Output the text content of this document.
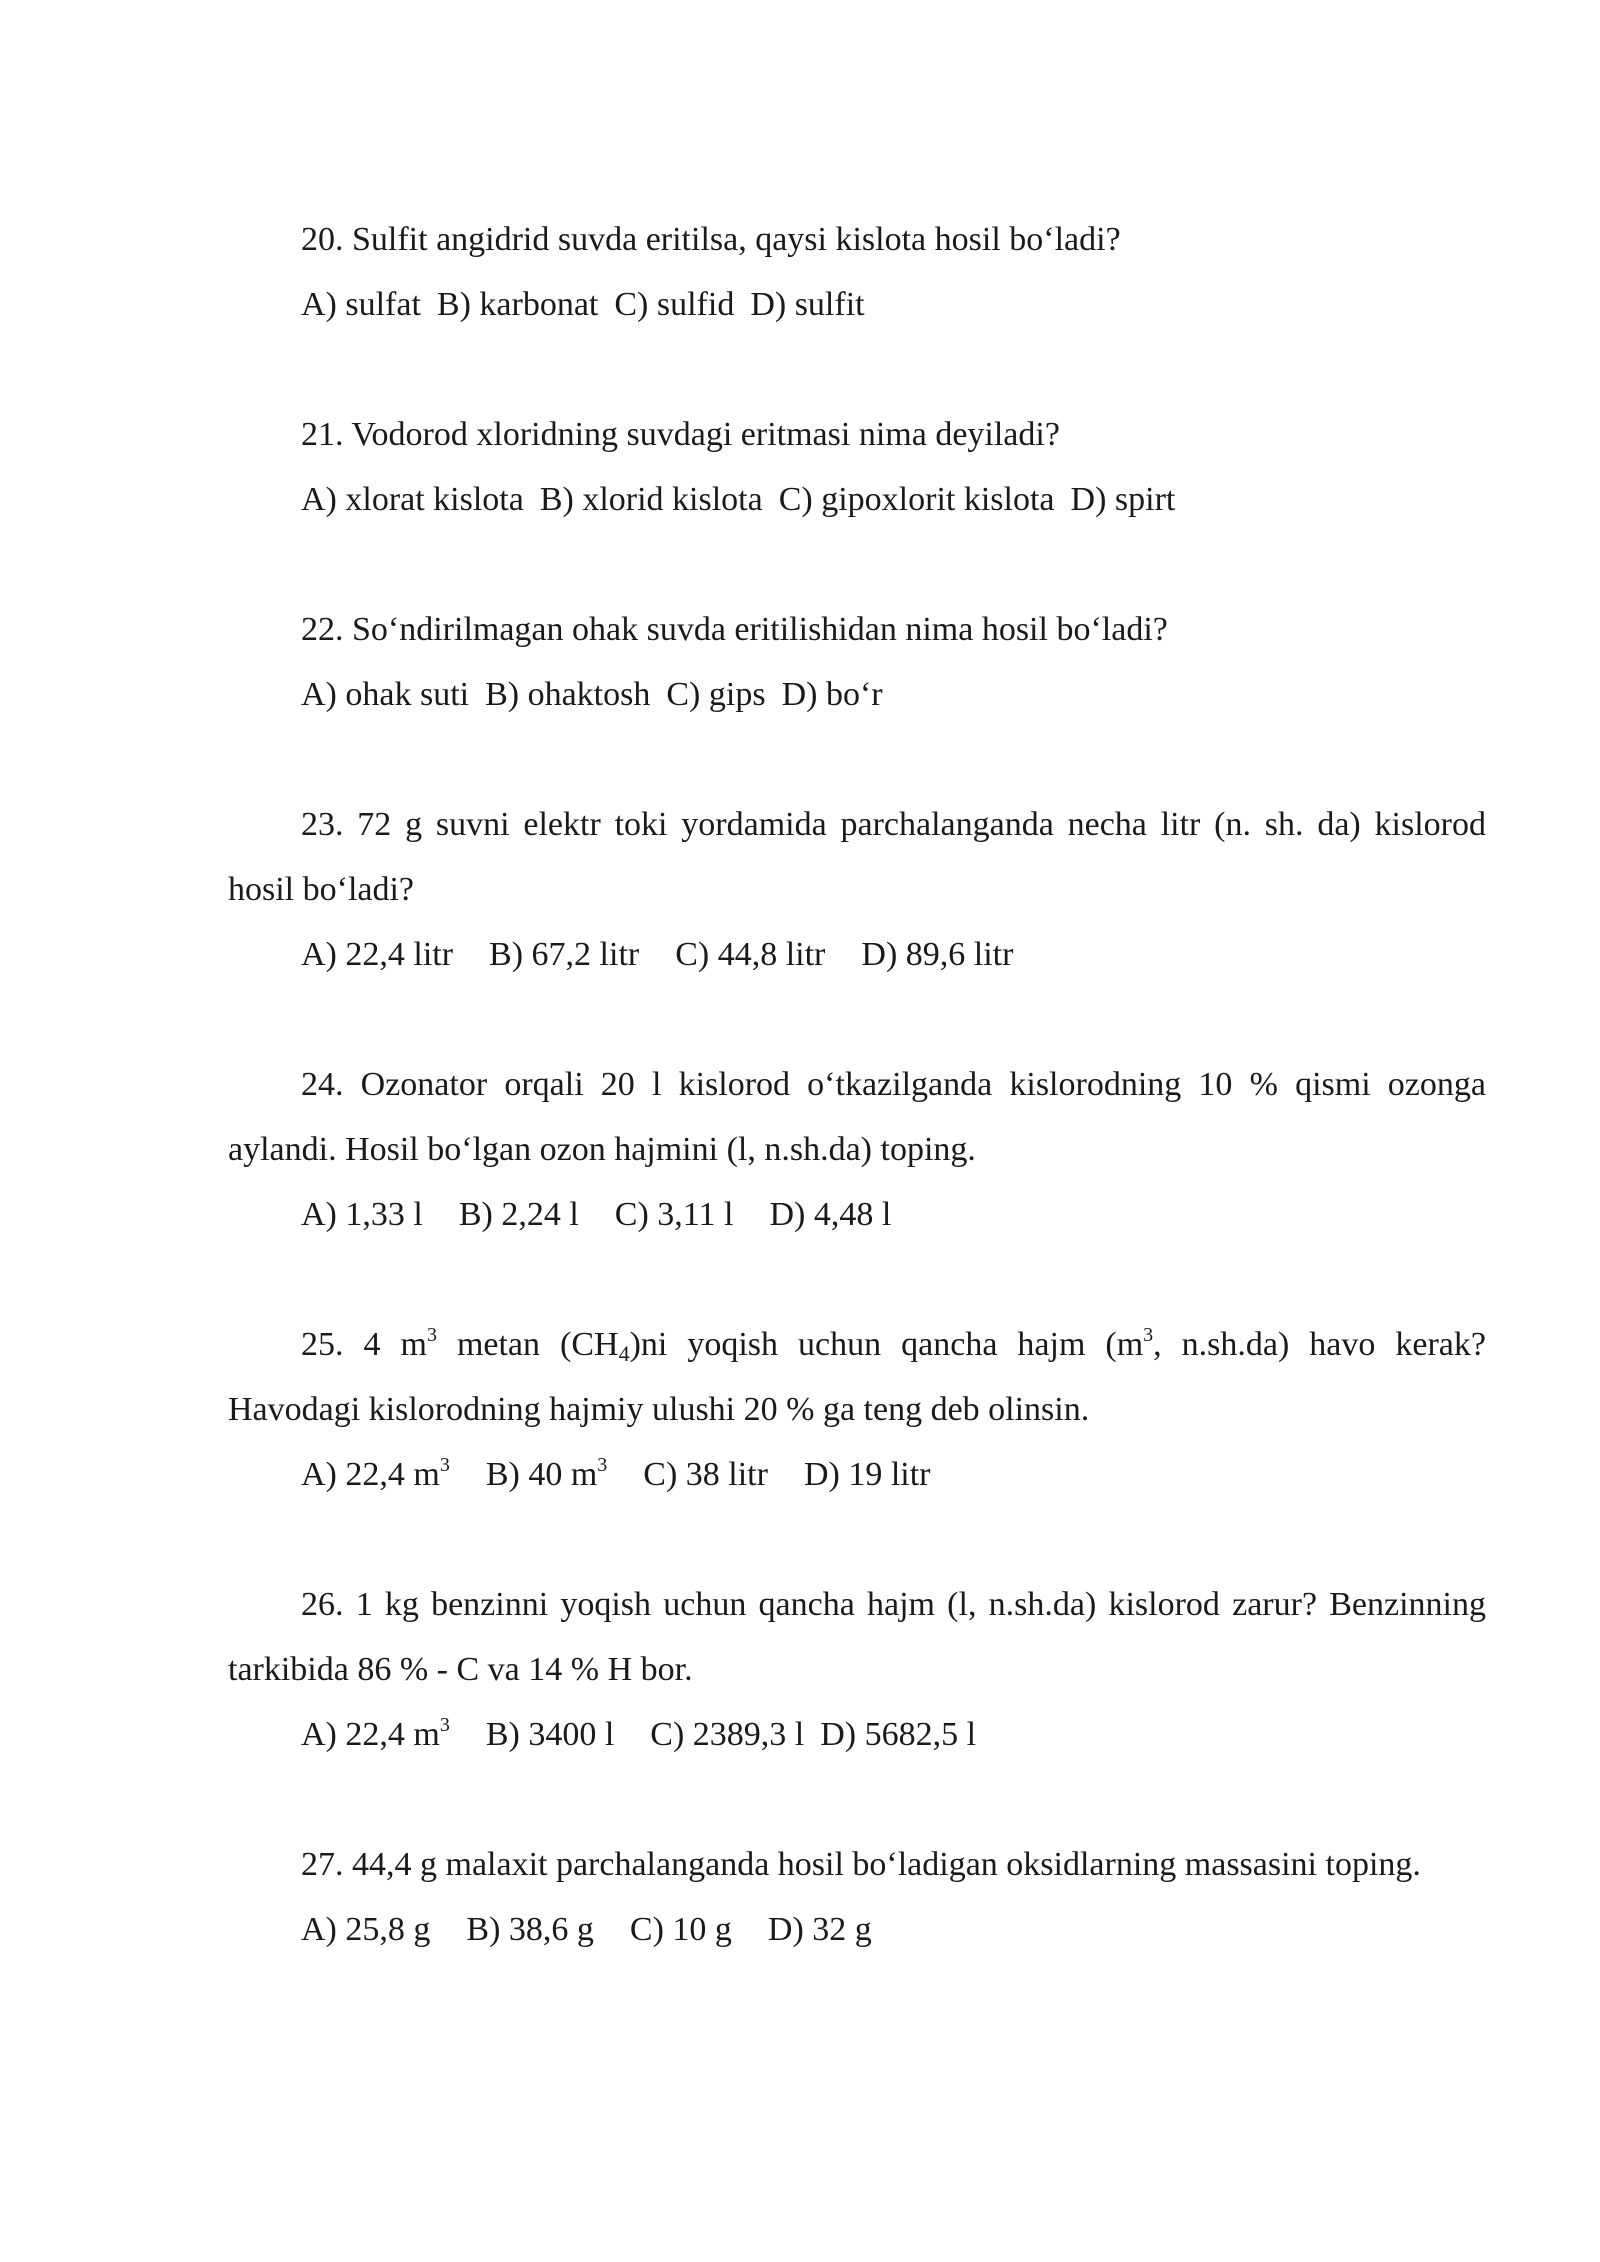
20. Sulfit angidrid suvda eritilsa, qaysi kislota hosil bo‘ladi?

A) sulfat B) karbonat C) sulfid D) sulfit

21. Vodorod xloridning suvdagi eritmasi nima deyiladi?

A) xlorat kislota B) xlorid kislota C) gipoxlorit kislota D) spirt

22. So‘ndirilmagan ohak suvda eritilishidan nima hosil bo‘ladi?

A) ohak suti B) ohaktosh C) gips D) bo‘r

23. 72 g suvni elektr toki yordamida parchalanganda necha litr (n. sh. da) kislorod hosil bo‘ladi?

A) 22,4 litr B) 67,2 litr C) 44,8 litr D) 89,6 litr

24. Ozonator orqali 20 l kislorod o‘tkazilganda kislorodning 10 % qismi ozonga aylandi. Hosil bo‘lgan ozon hajmini (l, n.sh.da) toping.

A) 1,33 l B) 2,24 l C) 3,11 l D) 4,48 l

25. 4 $m^3$ metan $(CH_4)ni$ yoqish uchun qancha hajm ($m^3$, n.sh.da) havo kerak? Havodagi kislorodning hajmiy ulushi 20 % ga teng deb olinsin.

A) 22,4 $m^3$ B) 40 $m^3$ C) 38 litr D) 19 litr

26. 1 kg benzinni yoqish uchun qancha hajm (l, n.sh.da) kislorod zarur? Benzinning tarkibida 86 % - C va 14 % H bor.

A) 22,4 $m^3$ B) 3400 l C) 2389,3 l D) 5682,5 l

27. 44,4 g malaxit parchalanganda hosil bo‘ladigan oksidlarning massasini toping.

A) 25,8 g B) 38,6 g C) 10 g D) 32 g
